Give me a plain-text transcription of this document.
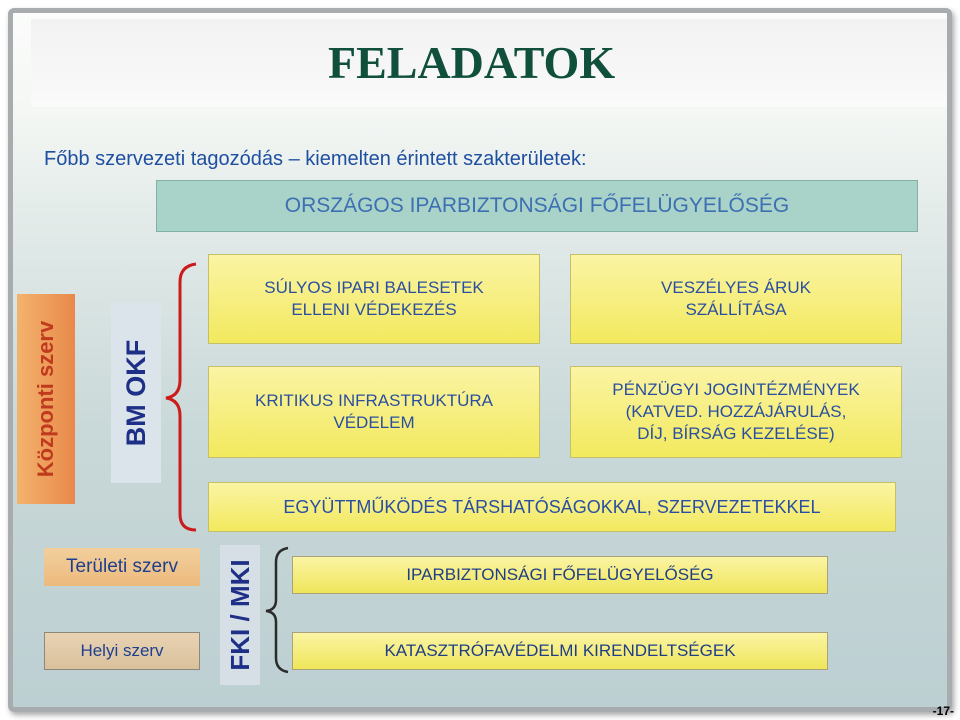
FELADATOK
Főbb szervezeti tagozódás – kiemelten érintett szakterületek:
ORSZÁGOS IPARBIZTONSÁGI FŐFELÜGYELŐSÉG
Központi szerv	BM OKF
SÚLYOS IPARI BALESETEK
ELLENI VÉDEKEZÉS
VESZÉLYES ÁRUK
SZÁLLÍTÁSA
KRITIKUS INFRASTRUKTÚRA
VÉDELEM
PÉNZÜGYI JOGINTÉZMÉNYEK
(KATVED. HOZZÁJÁRULÁS,
DÍJ, BÍRSÁG KEZELÉSE)
EGYÜTTMŰKÖDÉS TÁRSHATÓSÁGOKKAL, SZERVEZETEKKEL
Területi szerv
Helyi szerv	FKI / MKI	IPARBIZTONSÁGI FŐFELÜGYELŐSÉG
KATASZTRÓFAVÉDELMI KIRENDELTSÉGEK
-17-
